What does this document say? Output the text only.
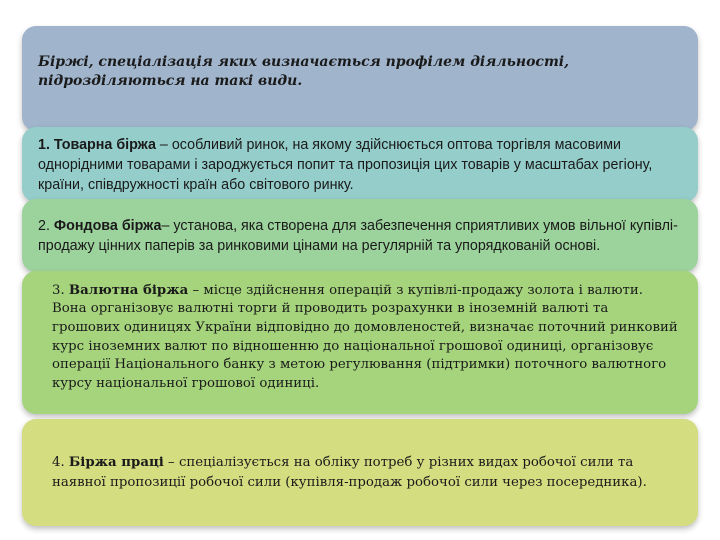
Біржі, спеціалізація яких визначається профілем діяльності, підрозділяються на такі види.
1. Товарна біржа – особливий ринок, на якому здійснюється оптова торгівля масовими однорідними товарами і зароджується попит та пропозиція цих товарів у масштабах регіону, країни, співдружності країн або світового ринку.
2. Фондова біржа– установа, яка створена для забезпечення сприятливих умов вільної купівлі-продажу цінних паперів за ринковими цінами на регулярній та упорядкованій основі.
3. Валютна біржа – місце здійснення операцій з купівлі-продажу золота і валюти. Вона організовує валютні торги й проводить розрахунки в іноземній валюті та грошових одиницях України відповідно до домовленостей, визначає поточний ринковий курс іноземних валют по відношенню до національної грошової одиниці, організовує операції Національного банку з метою регулювання (підтримки) поточного валютного курсу національної грошової одиниці.
4. Біржа праці – спеціалізується на обліку потреб у різних видах робочої сили та наявної пропозиції робочої сили (купівля-продаж робочої сили через посередника).
